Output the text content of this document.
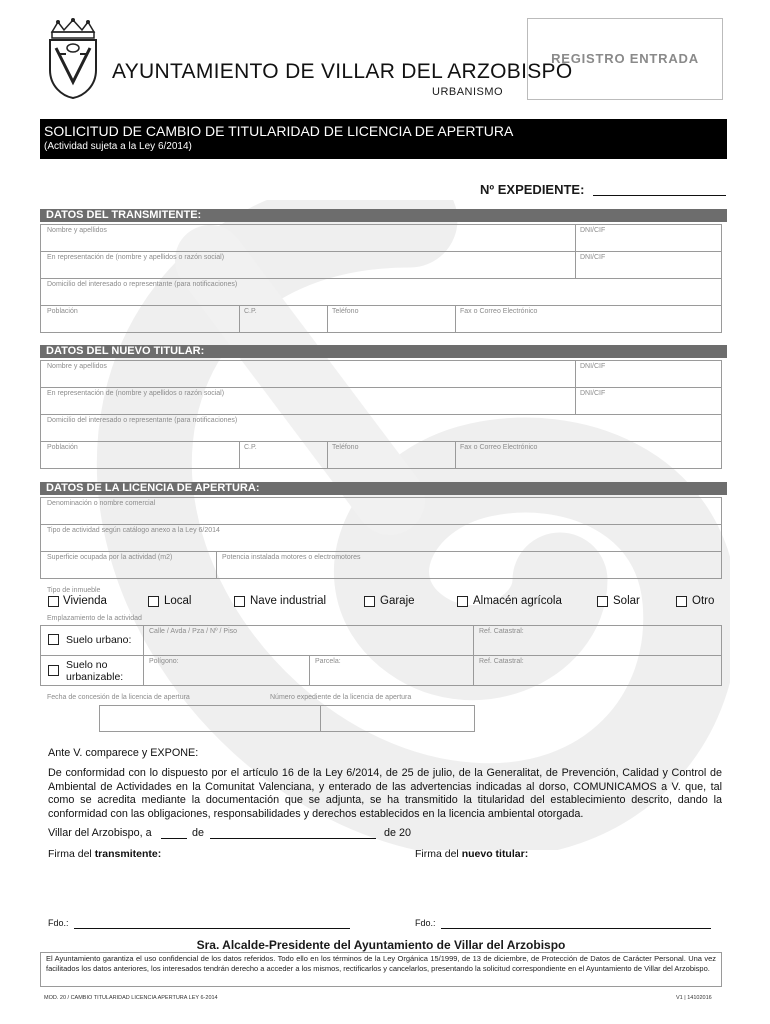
AYUNTAMIENTO DE VILLAR DEL ARZOBISPO
URBANISMO
REGISTRO ENTRADA
SOLICITUD DE CAMBIO DE TITULARIDAD DE LICENCIA DE APERTURA
(Actividad sujeta a la Ley 6/2014)
Nº EXPEDIENTE:
DATOS DEL TRANSMITENTE:
Nombre y apellidos	DNI/CIF
En representación de (nombre y apellidos o razón social)	DNI/CIF
Domicilio del interesado o representante (para notificaciones)
Población	C.P.	Teléfono	Fax o Correo Electrónico
DATOS DEL NUEVO TITULAR:
Nombre y apellidos	DNI/CIF
En representación de (nombre y apellidos o razón social)	DNI/CIF
Domicilio del interesado o representante (para notificaciones)
Población	C.P.	Teléfono	Fax o Correo Electrónico
DATOS DE LA LICENCIA DE APERTURA:
Denominación o nombre comercial
Tipo de actividad según catálogo anexo a la Ley 6/2014
Superficie ocupada por la actividad (m2)	Potencia instalada motores o electromotores
Tipo de inmueble
Vivienda	Local	Nave industrial	Garaje	Almacén agrícola	Solar	Otro
Emplazamiento de la actividad
Suelo urbano:
Calle / Avda / Pza / Nº / Piso	Ref. Catastral:
Suelo no
urbanizable:
Polígono:	Parcela:	Ref. Catastral:
Fecha de concesión de la licencia de apertura	Número expediente de la licencia de apertura
Ante V. comparece y EXPONE:
De conformidad con lo dispuesto por el artículo 16 de la Ley 6/2014, de 25 de julio, de la Generalitat, de Prevención, Calidad y Control de Ambiental de Actividades en la Comunitat Valenciana, y enterado de las advertencias indicadas al dorso, COMUNICAMOS a V. que, tal como se acredita mediante la documentación que se adjunta, se ha transmitido la titularidad del establecimiento descrito, dando la conformidad con las obligaciones, responsabilidades y derechos establecidos en la licencia ambiental otorgada.
Villar del Arzobispo, a	de	de 20
Firma del transmitente:	Firma del nuevo titular:
Fdo.:	Fdo.:
Sra. Alcalde-Presidente del Ayuntamiento de Villar del Arzobispo
El Ayuntamiento garantiza el uso confidencial de los datos referidos. Todo ello en los términos de la Ley Orgánica 15/1999, de 13 de diciembre, de Protección de Datos de Carácter Personal. Una vez facilitados los datos anteriores, los interesados tendrán derecho a acceder a los mismos, rectificarlos y cancelarlos, presentando la solicitud correspondiente en el Ayuntamiento de Villar del Arzobispo.
MOD. 20 / CAMBIO TITULARIDAD LICENCIA APERTURA LEY 6-2014	V1 | 14102016
